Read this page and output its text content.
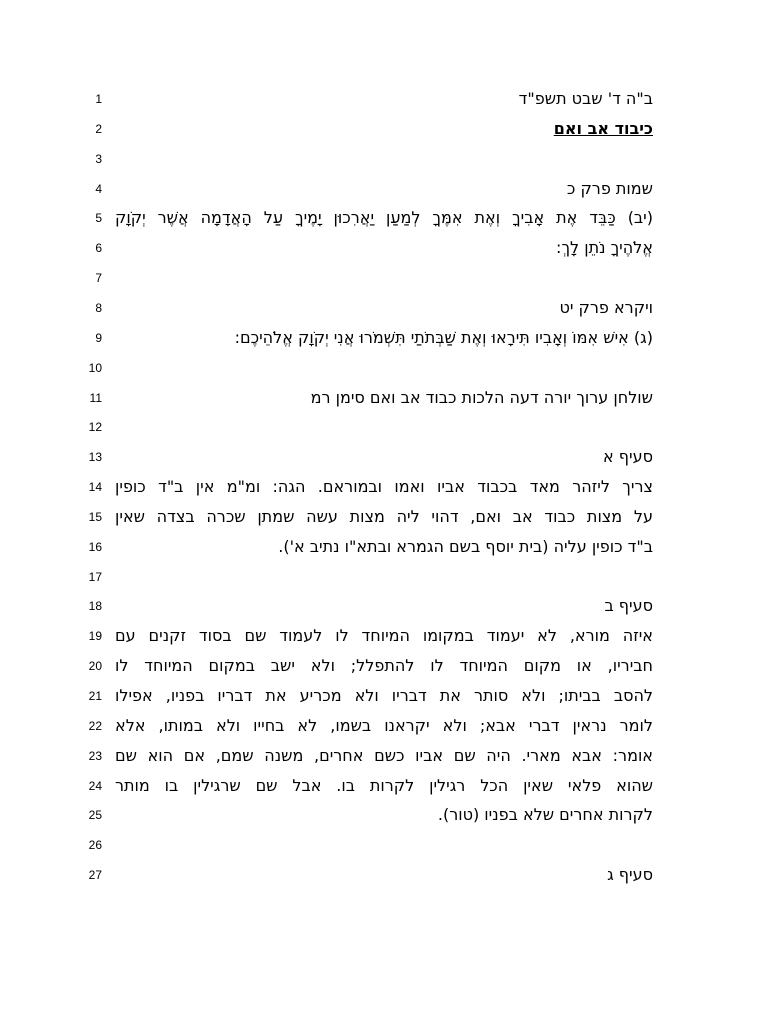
1	ב"ה ד' שבט תשפ"ד
2	כיבוד אב ואם
3
4	שמות פרק כ
5 (יב) כַּבֵּד אֶת אָבִיךָ וְאֶת אִמֶּךָ לְמַעַן יַאֲרִכוּן יָמֶיךָ עַל הָאֲדָמָה אֲשֶׁר יְקֹוָק
6	אֱלֹהֶיךָ נֹתֵן לָךְ:
7
8	ויקרא פרק יט
9	(ג) אִישׁ אִמּוֹ וְאָבִיו תִּירָאוּ וְאֶת שַׁבְּתֹתַי תִּשְׁמֹרוּ אֲנִי יְקֹוָק אֱלֹהֵיכֶם:
10
11	שולחן ערוך יורה דעה הלכות כבוד אב ואם סימן רמ
12
13	סעיף א
14 צריך ליזהר מאד בכבוד אביו ואמו ובמוראם. הגה: ומ"מ אין ב"ד כופין
15 על מצות כבוד אב ואם, דהוי ליה מצות עשה שמתן שכרה בצדה שאין
16	ב"ד כופין עליה (בית יוסף בשם הגמרא ובתא"ו נתיב א').
17
18	סעיף ב
19 איזה מורא, לא יעמוד במקומו המיוחד לו לעמוד שם בסוד זקנים עם
20 חביריו, או מקום המיוחד לו להתפלל; ולא ישב במקום המיוחד לו
21 להסב בביתו; ולא סותר את דבריו ולא מכריע את דבריו בפניו, אפילו
22 לומר נראין דברי אבא; ולא יקראנו בשמו, לא בחייו ולא במותו, אלא
23 אומר: אבא מארי. היה שם אביו כשם אחרים, משנה שמם, אם הוא שם
24 שהוא פלאי שאין הכל רגילין לקרות בו. אבל שם שרגילין בו מותר
25	לקרות אחרים שלא בפניו (טור).
26
27	סעיף ג
